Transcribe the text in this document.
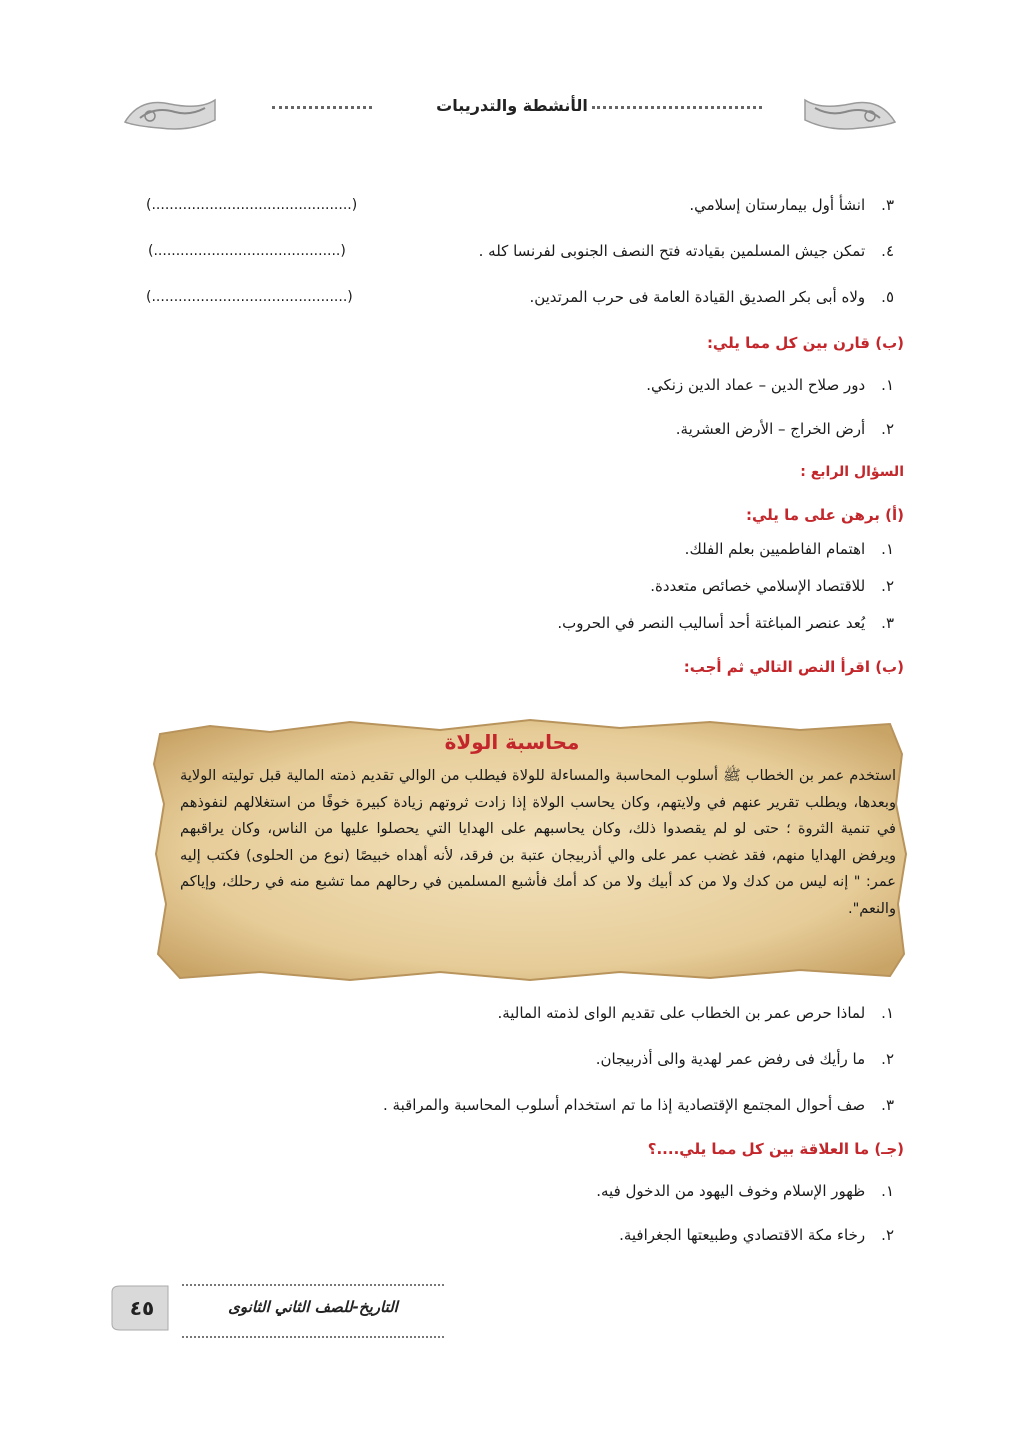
الأنشطة والتدريبات
٣.انشأ أول بيمارستان إسلامي.
(.............................................)
٤.تمكن جيش المسلمين بقيادته فتح النصف الجنوبى لفرنسا كله .
(..........................................)
٥.ولاه أبى بكر الصديق القيادة العامة فى حرب المرتدين.
(............................................)
(ب) قارن بين كل مما يلي:
١.دور صلاح الدين – عماد الدين زنكي.
٢.أرض الخراج – الأرض العشرية.
السؤال الرابع :
(أ) برهن على ما يلي:
١.اهتمام الفاطميين بعلم الفلك.
٢.للاقتصاد الإسلامي خصائص متعددة.
٣.يُعد عنصر المباغتة أحد أساليب النصر في الحروب.
(ب) اقرأ النص التالي ثم أجب:
محاسبة الولاة
استخدم عمر بن الخطاب ﷺ أسلوب المحاسبة والمساءلة للولاة فيطلب من الوالي تقديم ذمته المالية قبل توليته الولاية وبعدها، ويطلب تقرير عنهم في ولايتهم، وكان يحاسب الولاة إذا زادت ثروتهم زيادة كبيرة خوفًا من استغلالهم لنفوذهم في تنمية الثروة ؛ حتى لو لم يقصدوا ذلك، وكان يحاسبهم على الهدايا التي يحصلوا عليها من الناس، وكان يراقبهم ويرفض الهدايا منهم، فقد غضب عمر على والي أذربيجان عتبة بن فرقد، لأنه أهداه خبيصًا (نوع من الحلوى) فكتب إليه عمر: " إنه ليس من كدك ولا من كد أبيك ولا من كد أمك فأشبع المسلمين في رحالهم مما تشبع منه في رحلك، وإياكم والنعم".
١.لماذا حرص عمر بن الخطاب على تقديم الواى لذمته المالية.
٢.ما رأيك فى رفض عمر لهدية والى أذربيجان.
٣.صف أحوال المجتمع الإقتصادية إذا ما تم استخدام أسلوب المحاسبة والمراقبة .
(جـ) ما العلاقة بين كل مما يلي....؟
١.ظهور الإسلام وخوف اليهود من الدخول فيه.
٢.رخاء مكة الاقتصادي وطبيعتها الجغرافية.
٤٥	التاريخ-للصف الثاني الثانوى
